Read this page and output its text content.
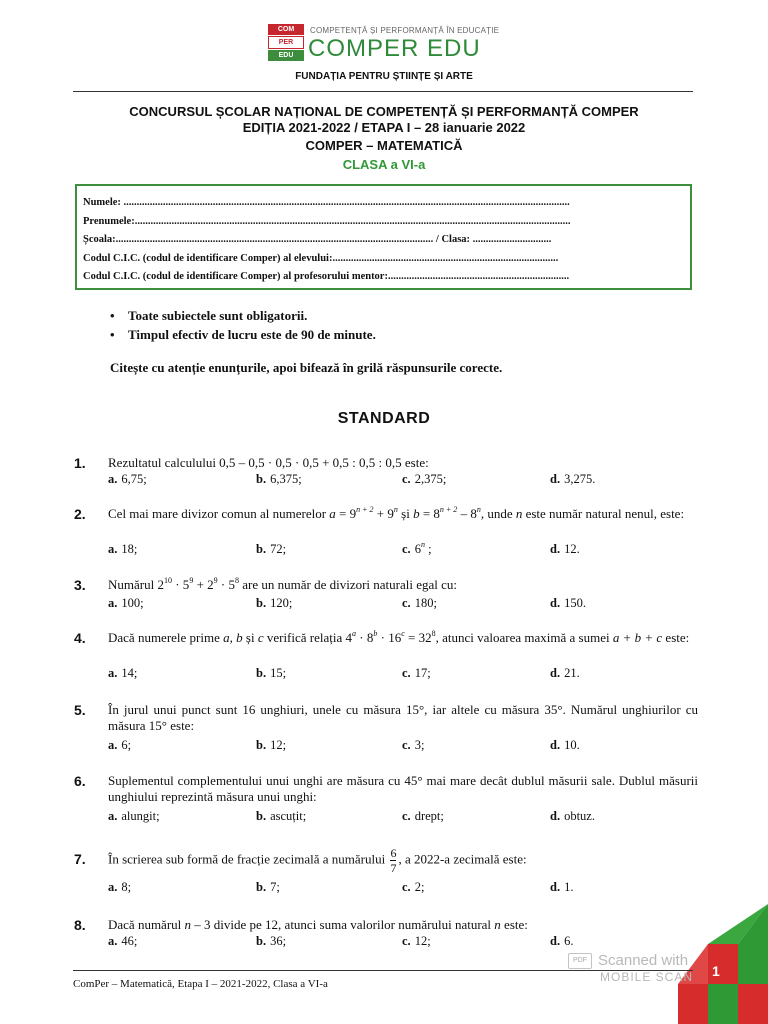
COM
PER
EDU
COMPETENȚĂ ȘI PERFORMANȚĂ ÎN EDUCAȚIE
COMPER EDU
FUNDAȚIA PENTRU ȘTIINȚE ȘI ARTE
CONCURSUL ȘCOLAR NAȚIONAL DE COMPETENȚĂ ȘI PERFORMANȚĂ COMPER
EDIȚIA 2021-2022 / ETAPA I – 28 ianuarie 2022
COMPER – MATEMATICĂ
CLASA a VI-a
Numele: ..........................................................................................................................................................................
Prenumele:......................................................................................................................................................................
Școala:......................................................................................................................... / Clasa: ..............................
Codul C.I.C. (codul de identificare Comper) al elevului:......................................................................................
Codul C.I.C. (codul de identificare Comper) al profesorului mentor:.....................................................................
• Toate subiectele sunt obligatorii.
• Timpul efectiv de lucru este de 90 de minute.
Citește cu atenție enunțurile, apoi bifează în grilă răspunsurile corecte.
STANDARD
1. Rezultatul calculului 0,5 – 0,5 · 0,5 · 0,5 + 0,5 : 0,5 : 0,5 este:
a. 6,75;	b. 6,375;	c. 2,375;	d. 3,275.
2. Cel mai mare divizor comun al numerelor $a = 9^{n + 2} + 9^n$ și $b = 8^{n + 2} - 8^n$, unde n este număr natural nenul, este:
a. 18;	b. 72;	c. 6$^n$ ;	d. 12.
3. Numărul $2^{10} \cdot 5^9 + 2^9 \cdot 5^8$ are un număr de divizori naturali egal cu:
a. 100;	b. 120;	c. 180;	d. 150.
4. Dacă numerele prime a, b și c verifică relația $4^a \cdot 8^b \cdot 16^c = 32^8$, atunci valoarea maximă a sumei a + b + c este:
a. 14;	b. 15;	c. 17;	d. 21.
5. În jurul unui punct sunt 16 unghiuri, unele cu măsura 15°, iar altele cu măsura 35°. Numărul unghiurilor cu măsura 15° este:
a. 6;	b. 12;	c. 3;	d. 10.
6. Suplementul complementului unui unghi are măsura cu 45° mai mare decât dublul măsurii sale. Dublul măsurii unghiului reprezintă măsura unui unghi:
a. alungit;	b. ascuțit;	c. drept;	d. obtuz.
7. În scrierea sub formă de fracție zecimală a numărului $\frac{6}{7}$ , a 2022-a zecimală este:
a. 8;	b. 7;	c. 2;	d. 1.
8. Dacă numărul n – 3 divide pe 12, atunci suma valorilor numărului natural n este:
a. 46;	b. 36;	c. 12;	d. 6.
ComPer – Matematică, Etapa I – 2021-2022, Clasa a VI-a
1
PDF Scanned with
MOBILE SCAN
